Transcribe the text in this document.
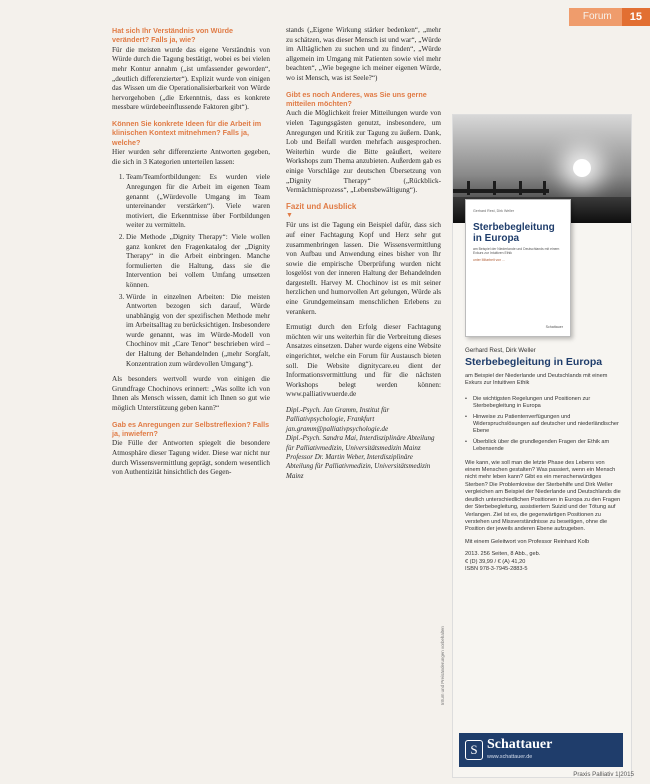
Forum	15
Hat sich Ihr Verständnis von Würde verändert? Falls ja, wie?
Für die meisten wurde das eigene Verständnis von Würde durch die Tagung bestätigt, wobei es bei vielen mehr Kontur annahm („ist umfassender geworden“, „deutlich differenzierter“). Explizit wurde von einigen das Wissen um die Operationalisierbarkeit von Würde hervorgehoben („die Erkenntnis, dass es konkrete messbare würdebeeinflussende Faktoren gibt“).
Können Sie konkrete Ideen für die Arbeit im klinischen Kontext mitnehmen? Falls ja, welche?
Hier wurden sehr differenzierte Antworten gegeben, die sich in 3 Kategorien unterteilen lassen:
1. Team/Teamfortbildungen: Es wurden viele Anregungen für die Arbeit im eigenen Team genannt („Würdevolle Umgang im Team untereinander verstärken“). Viele waren motiviert, die Erkenntnisse über Fortbildungen weiter zu vermitteln.
2. Die Methode „Dignity Therapy“: Viele wollen ganz konkret den Fragenkatalog der „Dignity Therapy“ in die Arbeit einbringen. Manche formulierten die Haltung, dass sie die Intervention bei vollem Umfang umsetzen können.
3. Würde in einzelnen Arbeiten: Die meisten Antworten bezogen sich darauf, Würde unabhängig von der spezifischen Methode mehr im Arbeitsalltag zu berücksichtigen. Insbesondere wurde genannt, was im Würde-Modell von Chochinov mit „Care Tenor“ beschrieben wird – der Haltung der Behandelnden („mehr Sorgfalt, Konzentration zum würdevollen Umgang“).
Als besonders wertvoll wurde von einigen die Grundfrage Chochinovs erinnert: „Was sollte ich von Ihnen als Mensch wissen, damit ich Ihnen so gut wie möglich Unterstützung geben kann?“
Gab es Anregungen zur Selbstreflexion? Falls ja, inwiefern?
Die Fülle der Antworten spiegelt die besondere Atmosphäre dieser Tagung wider. Diese war nicht nur durch Wissensvermittlung geprägt, sondern wesentlich von Authentizität hinsichtlich des Gegen-
stands („Eigene Wirkung stärker bedenken“, „mehr zu schätzen, was dieser Mensch ist und war“, „Würde im Alltäglichen zu suchen und zu finden“, „Würde allgemein im Umgang mit Patienten sowie viel mehr beachten“, „Wie begegne ich meiner eigenen Würde, wo ist Mensch, was ist Seele?“)
Gibt es noch Anderes, was Sie uns gerne mitteilen möchten?
Auch die Möglichkeit freier Mitteilungen wurde von vielen Tagungsgästen genutzt, insbesondere, um Anregungen und Kritik zur Tagung zu äußern. Dank, Lob und Beifall wurden mehrfach ausgesprochen. Weiterhin wurde die Bitte geäußert, weitere Workshops zum Thema anzubieten. Außerdem gab es einige Vorschläge zur deutschen Übersetzung von „Dignity Therapy“ („Rückblick-Vermächtnisprozess“, „Lebensbewältigung“).
Fazit und Ausblick
▼
Für uns ist die Tagung ein Beispiel dafür, dass sich auf einer Fachtagung Kopf und Herz sehr gut zusammenbringen lassen. Die Wissensvermittlung von Aufbau und Anwendung eines bisher von Ihr sowie die empirische Überprüfung wurden nicht losgelöst von der inneren Haltung der Behandelnden dargestellt. Harvey M. Chochinov ist es mit seiner herzlichen und humorvollen Art gelungen, Würde als eine Grundgemeinsam menschlichen Erlebens zu verankern.
Ermutigt durch den Erfolg dieser Fachtagung möchten wir uns weiterhin für die Verbreitung dieses Ansatzes einsetzen. Daher wurde eigens eine Website eingerichtet, welche ein Forum für Austausch bieten soll. Die Website dignitycare.eu dient der Informationsvermittlung und für die nächsten Workshops belegt werden können: www.palliativwuerde.de
Dipl.-Psych. Jan Gramm, Institut für Palliativpsychologie, Frankfurt
jan.gramm@palliativpsychologie.de
Dipl.-Psych. Sandra Mai, Interdisziplinäre Abteilung für Palliativmedizin, Universitätsmedizin Mainz
Professor Dr. Martin Weber, Interdisziplinäre Abteilung für Palliativmedizin, Universitätsmedizin Mainz
Irrtum und Preisänderungen vorbehalten
Gerhard Rest, Dirk Weller
Sterbebegleitung in Europa
am Beispiel der Niederlande und Deutschlands mit einem Exkurs zur Intuitiven Ethik
unter Mitarbeit von ...
Schattauer
Gerhard Rest, Dirk Weller
Sterbebegleitung in Europa
am Beispiel der Niederlande und Deutschlands mit einem Exkurs zur Intuitiven Ethik
• Die wichtigsten Regelungen und Positionen zur Sterbebegleitung in Europa
• Hinweise zu Patientenverfügungen und Widerspruchslösungen auf deutscher und niederländischer Ebene
• Überblick über die grundlegenden Fragen der Ethik am Lebensende
Wie kann, wie soll man die letzte Phase des Lebens von einem Menschen gestalten? Was passiert, wenn ein Mensch nicht mehr leben kann? Gibt es ein menschenwürdiges Sterben? Die Problemkreise der Sterbehilfe und Dirk Weller vergleichen am Beispiel der Niederlande und Deutschlands die deutlich unterschiedlichen Positionen in Europa zu den Fragen der Sterbebegleitung, assistiertem Suizid und der Tötung auf Verlangen. Ziel ist es, die gegenwärtigen Positionen zu verstehen und Missverständnisse zu beseitigen, ohne die Position der jeweils anderen Ebene aufzugeben.
Mit einem Geleitwort von Professor Reinhard Kolb
2013. 256 Seiten, 8 Abb., geb.
€ (D) 39,99 / € (A) 41,20
ISBN 978-3-7945-2883-5
S Schattauer
www.schattauer.de
Praxis Palliativ 1|2015
